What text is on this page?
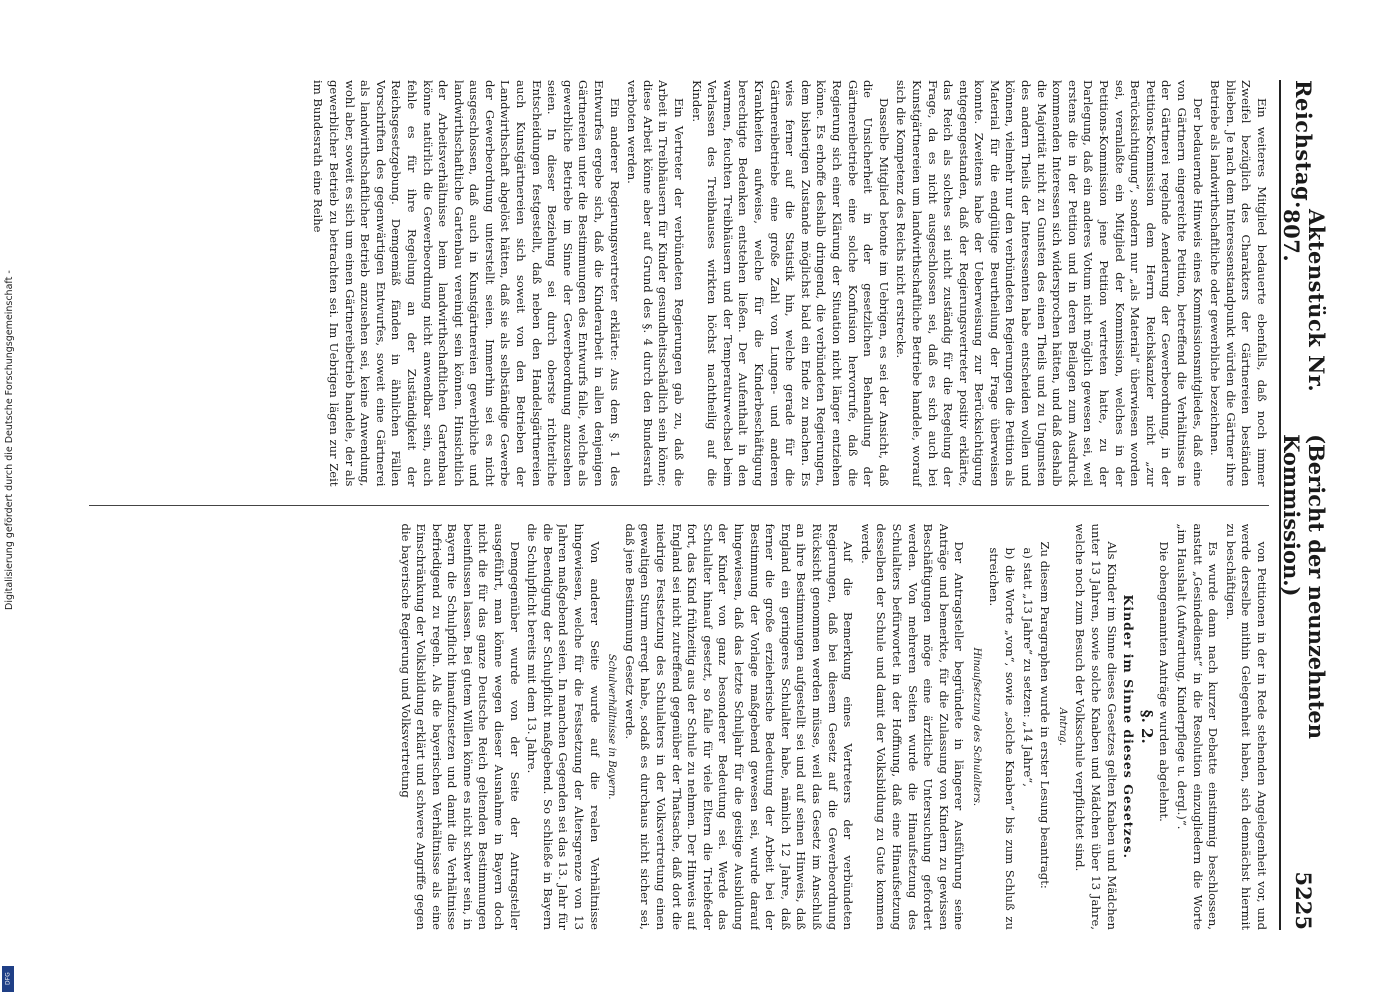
Reichstag.
Aktenstück Nr. 807.
(Bericht der neunzehnten Kommission.)
5225

Ein weiteres Mitglied bedauerte ebenfalls, daß noch immer Zweifel bezüglich des Charakters der Gärtnereien beständen blieben. Je nach dem Interessenstandpunkt würden die Gärtner ihre Betriebe als landwirthschaftliche oder gewerbliche bezeichnen.

Der bedauernde Hinweis eines Kommissionsmitgliedes, daß eine von Gärtnern eingereichte Petition, betreffend die Verhältnisse in der Gärtnerei regelnde Aenderung der Gewerbeordnung, in der Petitions-Kommission dem Herrn Reichskanzler nicht „zur Berücksichtigung“, sondern nur „als Material“ überwiesen worden sei, veranlaßte ein Mitglied der Kommission, welches in der Petitions-Kommission jene Petition vertreten hatte, zu der Darlegung, daß ein anderes Votum nicht möglich gewesen sei, weil erstens die in der Petition und in deren Beilagen zum Ausdruck kommenden Interessen sich widersprochen hätten, und daß deshalb die Majorität nicht zu Gunsten des einen Theils und zu Ungunsten des andern Theils der Interessenten habe entscheiden wollen und können, vielmehr nur den verbündeten Regierungen die Petition als Material für die endgültige Beurtheilung der Frage überweisen konnte. Zweitens habe der Ueberweisung zur Berücksichtigung entgegengestanden, daß der Regierungsvertreter positiv erklärte, das Reich als solches sei nicht zuständig für die Regelung der Frage, da es nicht ausgeschlossen sei, daß es sich auch bei Kunstgärtnereien um landwirthschaftliche Betriebe handele, worauf sich die Kompetenz des Reichs nicht erstrecke.

Dasselbe Mitglied betonte im Uebrigen, es sei der Ansicht, daß die Unsicherheit in der gesetzlichen Behandlung der Gärtnereibetriebe eine solche Konfusion hervorrufe, daß die Regierung sich einer Klärung der Situation nicht länger entziehen könne. Es erhoffe deshalb dringend, die verbündeten Regierungen, dem bisherigen Zustande möglichst bald ein Ende zu machen. Es wies ferner auf die Statistik hin, welche gerade für die Gärtnereibetriebe eine große Zahl von Lungen- und anderen Krankheiten aufweise, welche für die Kinderbeschäftigung berechtigte Bedenken entstehen ließen. Der Aufenthalt in den warmen, feuchten Treibhäusern und der Temperaturwechsel beim Verlassen des Treibhauses wirkten höchst nachtheilig auf die Kinder.

Ein Vertreter der verbündeten Regierungen gab zu, daß die Arbeit in Treibhäusern für Kinder gesundheitsschädlich sein könne; diese Arbeit könne aber auf Grund des §. 4 durch den Bundesrath verboten werden.

Ein anderer Regierungsvertreter erklärte: Aus dem §. 1 des Entwurfes ergebe sich, daß die Kinderarbeit in allen denjenigen Gärtnereien unter die Bestimmungen des Entwurfs falle, welche als gewerbliche Betriebe im Sinne der Gewerbeordnung anzusehen seien. In dieser Beziehung sei durch oberste richterliche Entscheidungen festgestellt, daß neben den Handelsgärtnereien auch Kunstgärtnereien sich soweit von den Betrieben der Landwirthschaft abgelöst hätten, daß sie als selbständige Gewerbe der Gewerbeordnung unterstellt seien. Immerhin sei es nicht ausgeschlossen, daß auch in Kunstgärtnereien gewerbliche und landwirthschaftliche Gartenbau vereinigt sein können. Hinsichtlich der Arbeitsverhältnisse beim landwirthschaftlichen Gartenbau könne natürlich die Gewerbeordnung nicht anwendbar sein, auch fehle es für ihre Regelung an der Zuständigkeit der Reichsgesetzgebung. Demgemäß fänden in ähnlichen Fällen Vorschriften des gegenwärtigen Entwurfes, soweit eine Gärtnerei als landwirthschaftlicher Betrieb anzusehen sei, keine Anwendung, wohl aber, soweit es sich um einen Gärtnereibetrieb handele, der als gewerblicher Betrieb zu betrachten sei. Im Uebrigen lägen zur Zeit im Bundesrath eine Reihe

von Petitionen in der in Rede stehenden Angelegenheit vor, und werde derselbe mithin Gelegenheit haben, sich demnächst hiermit zu beschäftigen.

Es wurde dann nach kurzer Debatte einstimmig beschlossen, anstatt „Gesindedienst“ in die Resolution einzugliedern die Worte „im Haushalt (Aufwartung, Kinderpflege u. dergl.)“.

Die obengenannten Anträge wurden abgelehnt.

§. 2.

Kinder im Sinne dieses Gesetzes.

Als Kinder im Sinne dieses Gesetzes gelten Knaben und Mädchen unter 13 Jahren, sowie solche Knaben und Mädchen über 13 Jahre, welche noch zum Besuch der Volksschule verpflichtet sind.

Antrag.

Zu diesem Paragraphen wurde in erster Lesung beantragt:

a) statt „13 Jahre“ zu setzen: „14 Jahre“,

b) die Worte „von“, sowie „solche Knaben“ bis zum Schluß zu streichen.

Hinaufsetzung des Schulalters.

Der Antragsteller begründete in längerer Ausführung seine Anträge und bemerkte, für die Zulassung von Kindern zu gewissen Beschäftigungen möge eine ärztliche Untersuchung gefordert werden. Von mehreren Seiten wurde die Hinaufsetzung des Schulalters befürwortet in der Hoffnung, daß eine Hinaufsetzung desselben der Schule und damit der Volksbildung zu Gute kommen werde.

Auf die Bemerkung eines Vertreters der verbündeten Regierungen, daß bei diesem Gesetz auf die Gewerbeordnung Rücksicht genommen werden müsse, weil das Gesetz im Anschluß an ihre Bestimmungen aufgestellt sei und auf seinen Hinweis, daß England ein geringeres Schulalter habe, nämlich 12 Jahre, daß ferner die große erzieherische Bedeutung der Arbeit bei der Bestimmung der Vorlage maßgebend gewesen sei, wurde darauf hingewiesen, daß das letzte Schuljahr für die geistige Ausbildung der Kinder von ganz besonderer Bedeutung sei. Werde das Schulalter hinauf gesetzt, so falle für viele Eltern die Triebfeder fort, das Kind frühzeitig aus der Schule zu nehmen. Der Hinweis auf England sei nicht zutreffend gegenüber der Thatsache, daß dort die niedrige Festsetzung des Schulalters in der Volksvertretung einen gewaltigen Sturm erregt habe, sodaß es durchaus nicht sicher sei, daß jene Bestimmung Gesetz werde.

Schulverhältnisse in Bayern.

Von anderer Seite wurde auf die realen Verhältnisse hingewiesen, welche für die Festsetzung der Altersgrenze von 13 Jahren maßgebend seien. In manchen Gegenden sei das 13. Jahr für die Beendigung der Schulpflicht maßgebend. So schließe in Bayern die Schulpflicht bereits mit dem 13. Jahre.

Demgegenüber wurde von der Seite der Antragsteller ausgeführt, man könne wegen dieser Ausnahme in Bayern doch nicht die für das ganze Deutsche Reich geltenden Bestimmungen beeinflussen lassen. Bei gutem Willen könne es nicht schwer sein, in Bayern die Schulpflicht hinaufzusetzen und damit die Verhältnisse befriedigend zu regeln. Als die bayerischen Verhältnisse als eine Einschränkung der Volksbildung erklärt und schwere Angriffe gegen die bayerische Regierung und Volksvertretung

Digitalisierung gefördert durch die Deutsche Forschungsgemeinschaft -
DFG
